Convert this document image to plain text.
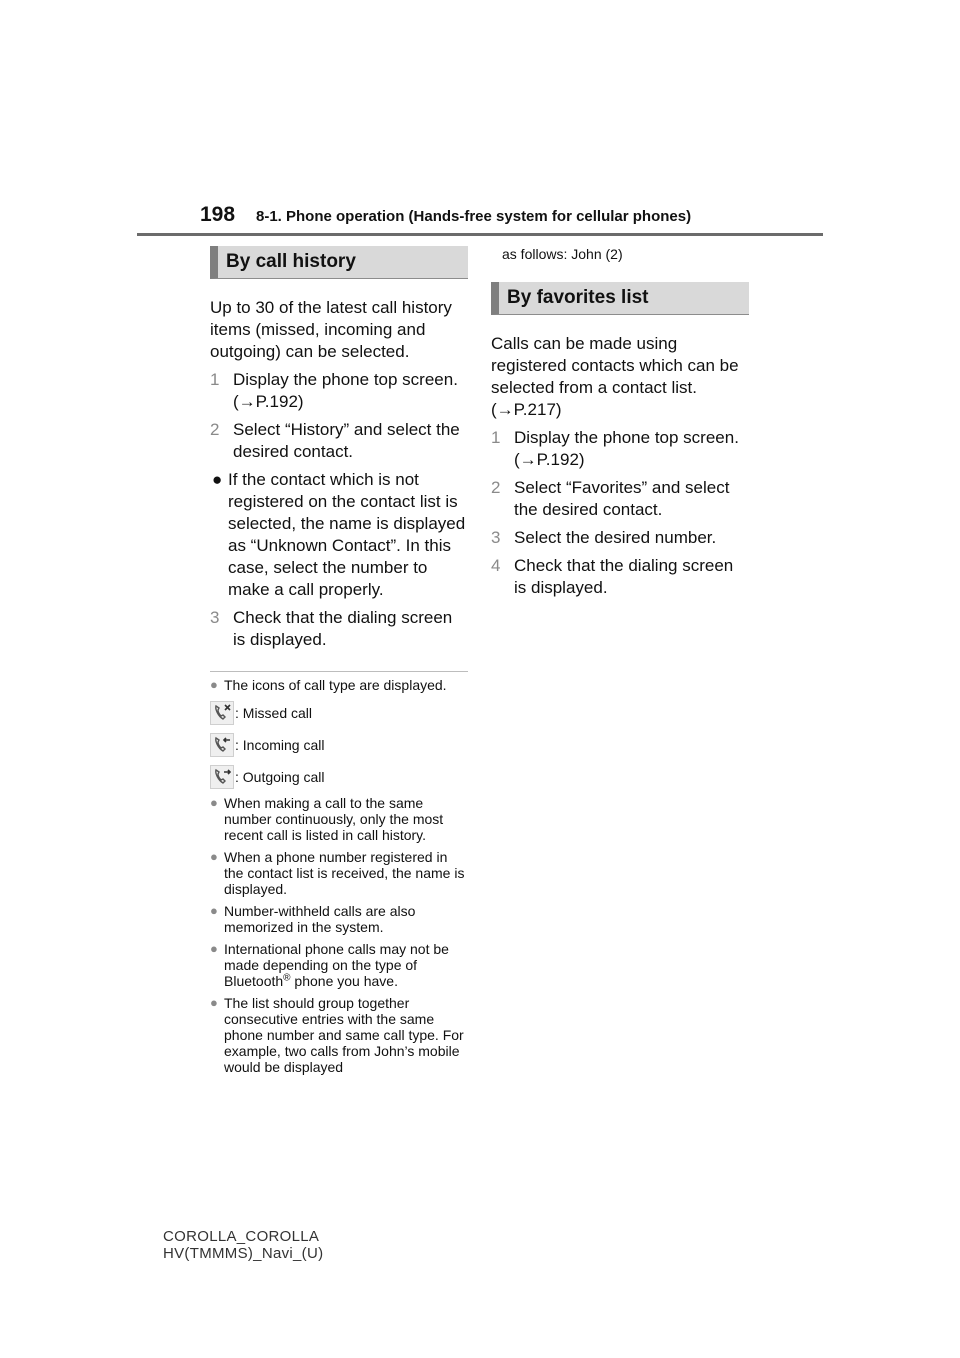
198 8-1. Phone operation (Hands-free system for cellular phones)
By call history
Up to 30 of the latest call history items (missed, incoming and outgoing) can be selected.
1 Display the phone top screen. (→P.192)
2 Select “History” and select the desired contact.
● If the contact which is not registered on the contact list is selected, the name is displayed as “Unknown Contact”. In this case, select the number to make a call properly.
3 Check that the dialing screen is displayed.
● The icons of call type are displayed.
: Missed call
: Incoming call
: Outgoing call
● When making a call to the same number continuously, only the most recent call is listed in call history.
● When a phone number registered in the contact list is received, the name is displayed.
● Number-withheld calls are also memorized in the system.
● International phone calls may not be made depending on the type of Bluetooth® phone you have.
● The list should group together consecutive entries with the same phone number and same call type. For example, two calls from John’s mobile would be displayed
as follows: John (2)
By favorites list
Calls can be made using registered contacts which can be selected from a contact list. (→P.217)
1 Display the phone top screen. (→P.192)
2 Select “Favorites” and select the desired contact.
3 Select the desired number.
4 Check that the dialing screen is displayed.
COROLLA_COROLLA
HV(TMMMS)_Navi_(U)
